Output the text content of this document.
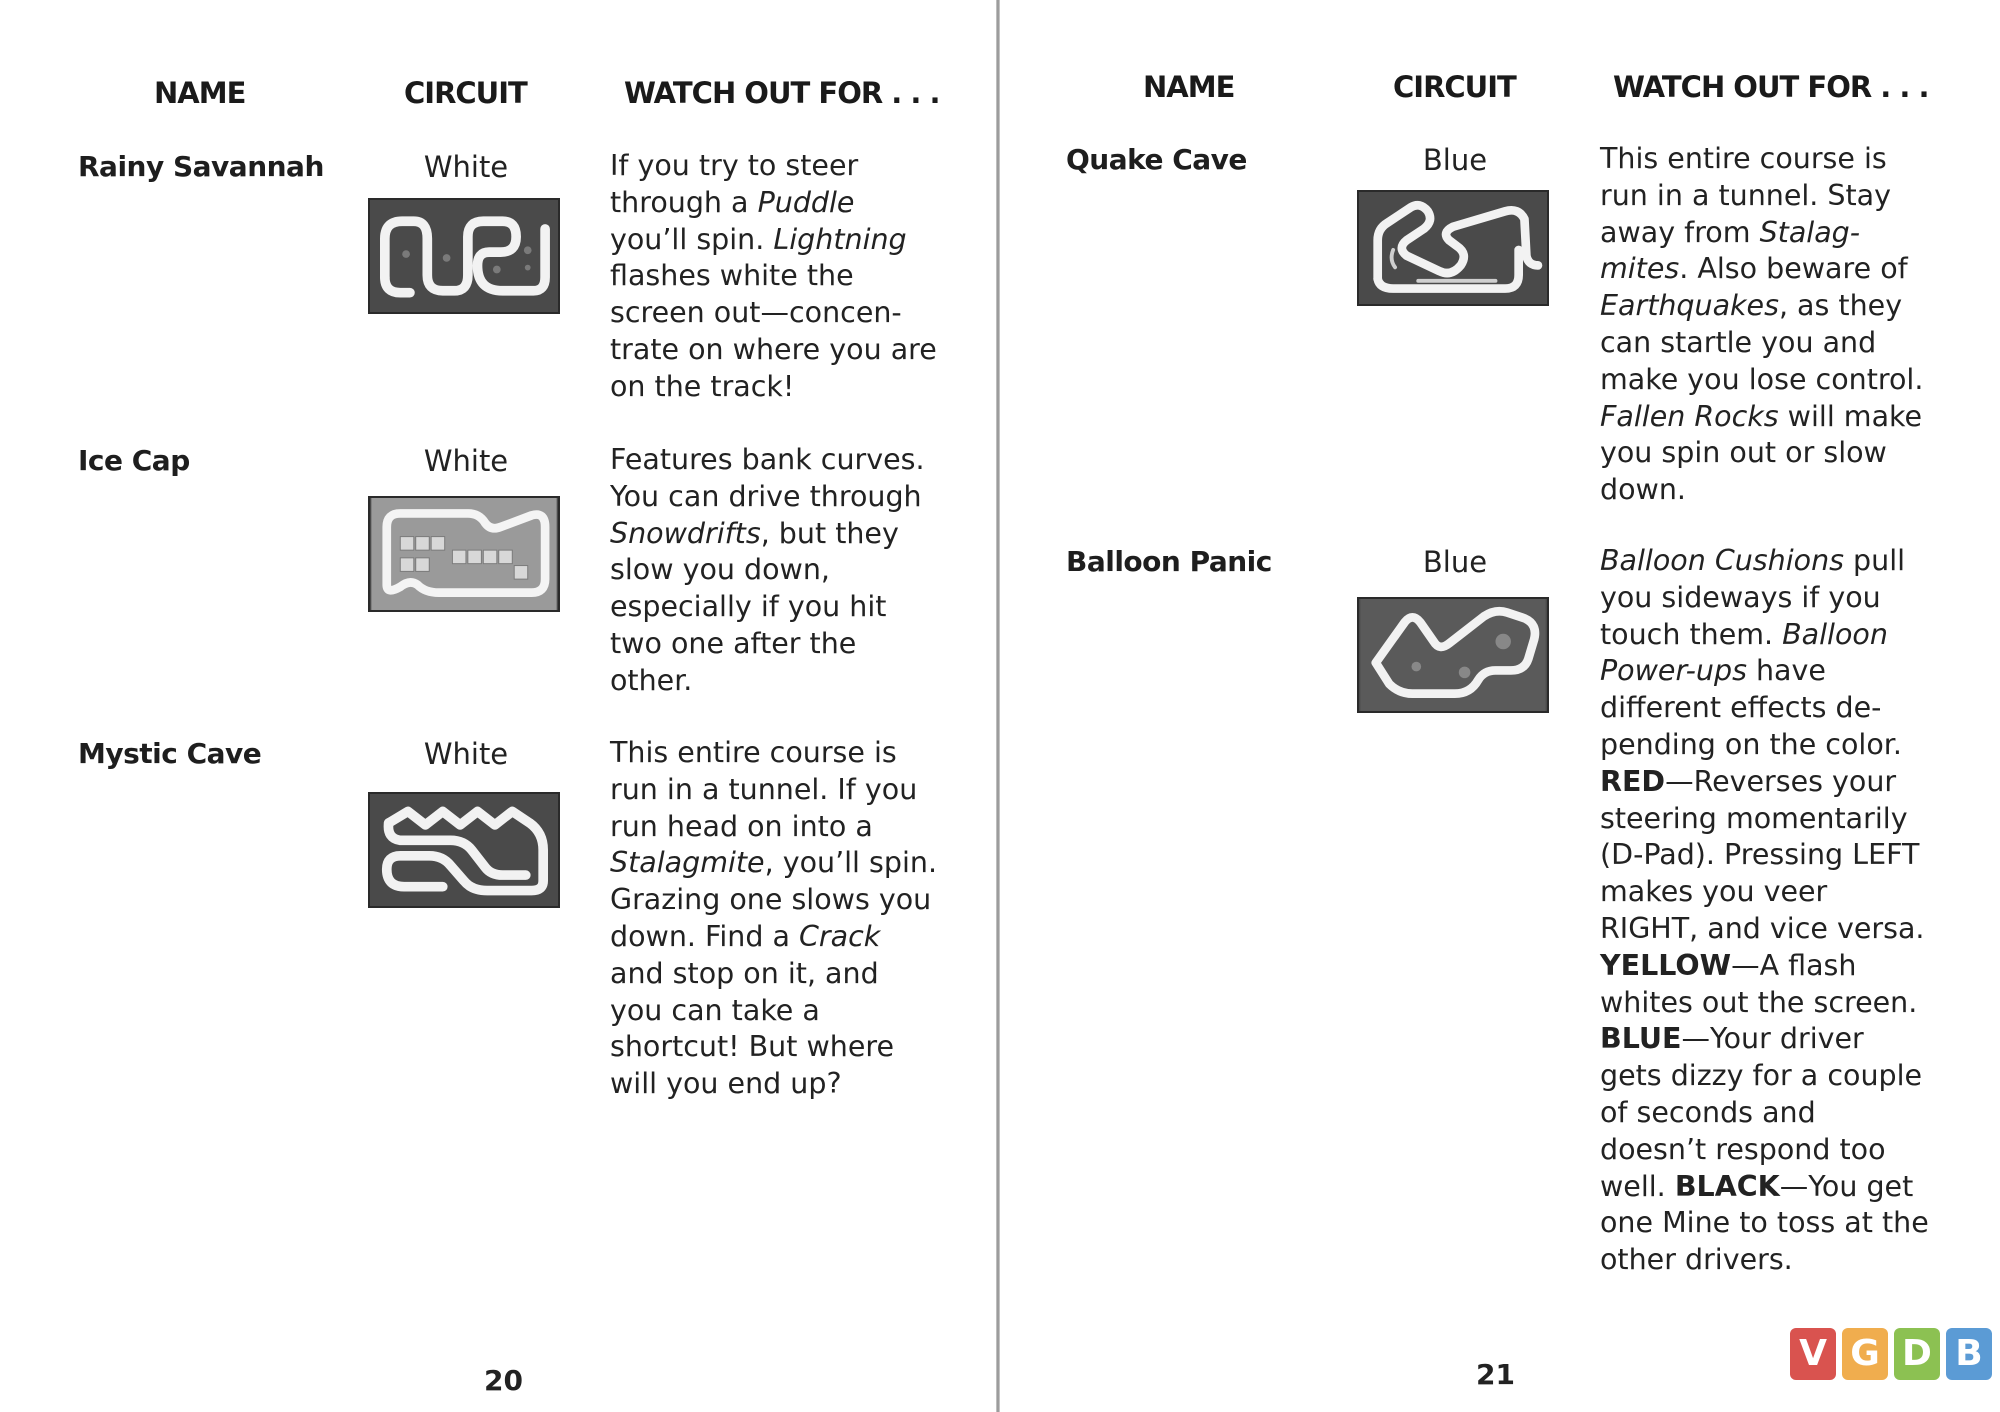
NAME	CIRCUIT	WATCH OUT FOR . . .
Rainy Savannah	White	If you try to steer through a Puddle you’ll spin. Lightning flashes white the screen out—concen-trate on where you are on the track!
Ice Cap	White	Features bank curves. You can drive through Snowdrifts, but they slow you down, especially if you hit two one after the other.
Mystic Cave	White	This entire course is run in a tunnel. If you run head on into a Stalagmite, you’ll spin. Grazing one slows you down. Find a Crack and stop on it, and you can take a shortcut! But where will you end up?
20
NAME	CIRCUIT	WATCH OUT FOR . . .
Quake Cave	Blue	This entire course is run in a tunnel. Stay away from Stalag-mites. Also beware of Earthquakes, as they can startle you and make you lose control. Fallen Rocks will make you spin out or slow down.
Balloon Panic	Blue	Balloon Cushions pull you sideways if you touch them. Balloon Power-ups have different effects de-pending on the color. RED—Reverses your steering momentarily (D-Pad). Pressing LEFT makes you veer RIGHT, and vice versa. YELLOW—A flash whites out the screen. BLUE—Your driver gets dizzy for a couple of seconds and doesn’t respond too well. BLACK—You get one Mine to toss at the other drivers.
21
V G D B
